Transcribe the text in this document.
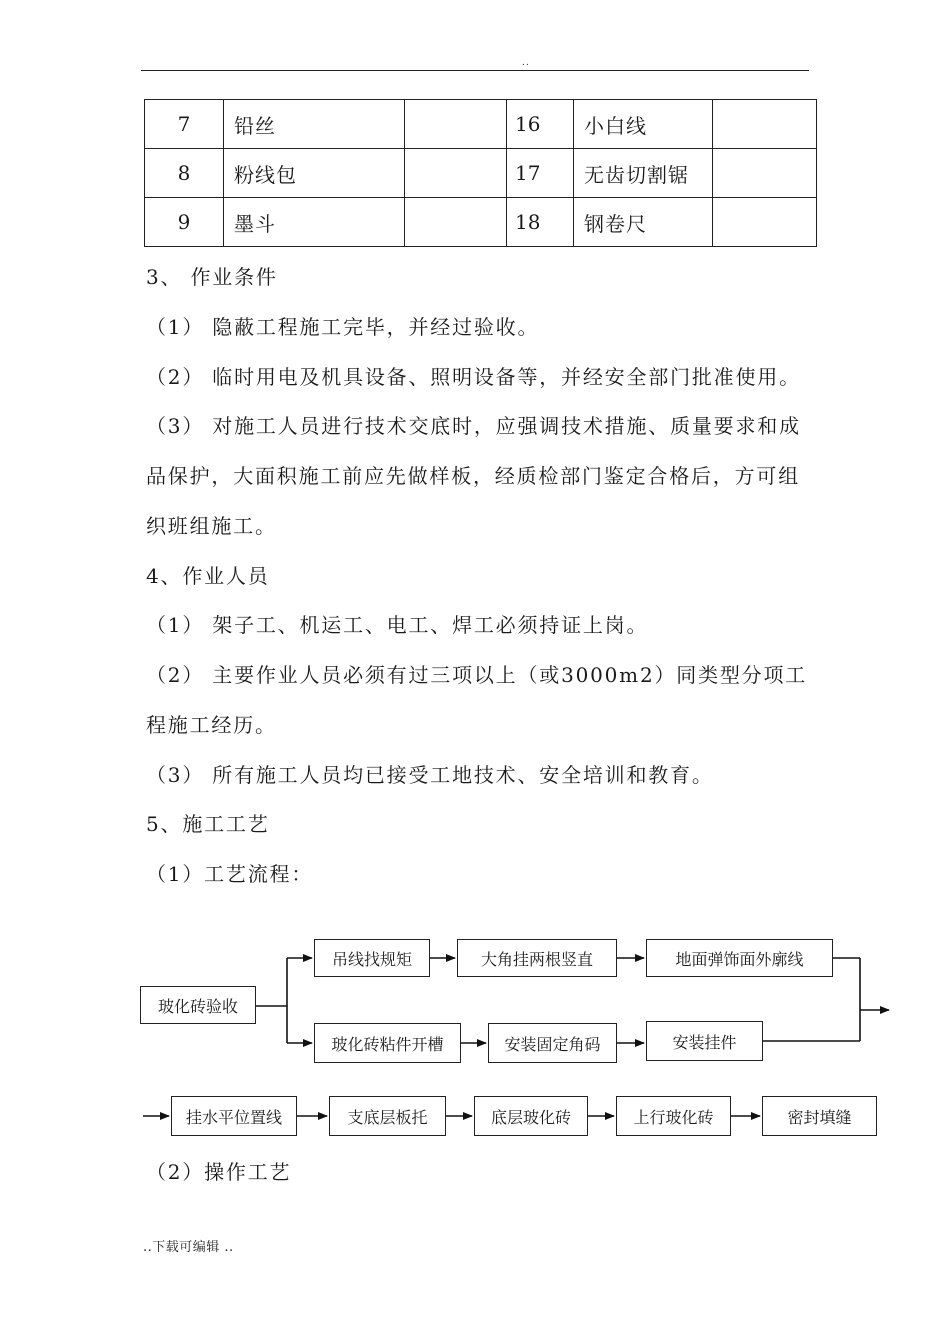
..
7	铅丝		16	小白线	
8	粉线包		17	无齿切割锯	
9	墨斗		18	钢卷尺	
3、 作业条件
（1） 隐蔽工程施工完毕，并经过验收。
（2） 临时用电及机具设备、照明设备等，并经安全部门批准使用。
（3） 对施工人员进行技术交底时，应强调技术措施、质量要求和成
品保护，大面积施工前应先做样板，经质检部门鉴定合格后，方可组
织班组施工。
4、作业人员
（1） 架子工、机运工、电工、焊工必须持证上岗。
（2） 主要作业人员必须有过三项以上（或3000m2）同类型分项工
程施工经历。
（3） 所有施工人员均已接受工地技术、安全培训和教育。
5、施工工艺
（1）工艺流程：
玻化砖验收
吊线找规矩	大角挂两根竖直	地面弹饰面外廓线
玻化砖粘件开槽	安装固定角码	安装挂件
挂水平位置线	支底层板托	底层玻化砖	上行玻化砖	密封填缝
（2）操作工艺
..下载可编辑 ..
